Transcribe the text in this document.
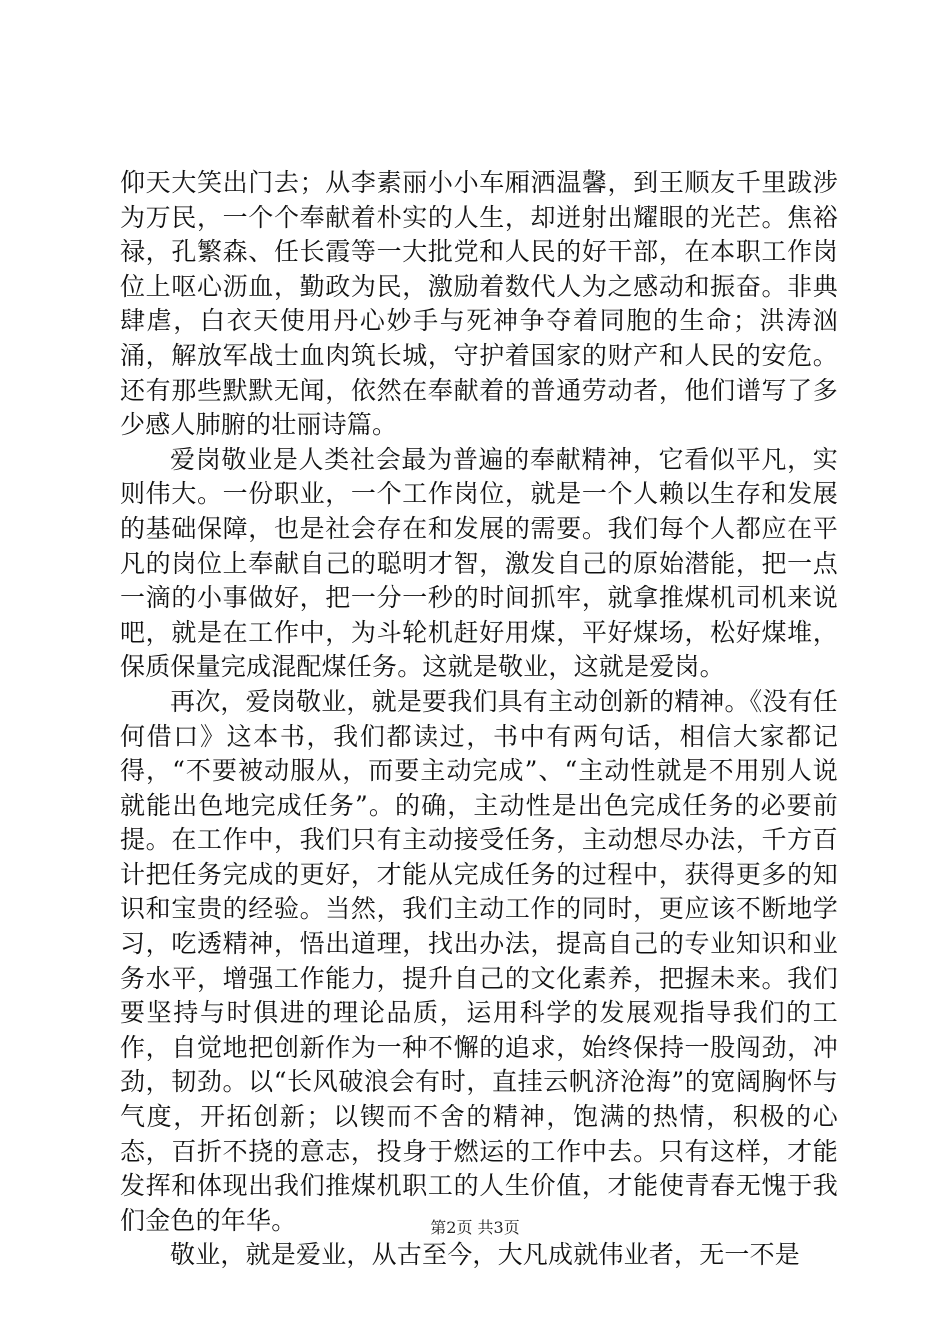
仰天大笑出门去；从李素丽小小车厢洒温馨，到王顺友千里跋涉为万民，一个个奉献着朴实的人生，却迸射出耀眼的光芒。焦裕禄，孔繁森、任长霞等一大批党和人民的好干部，在本职工作岗位上呕心沥血，勤政为民，激励着数代人为之感动和振奋。非典肆虐，白衣天使用丹心妙手与死神争夺着同胞的生命；洪涛汹涌，解放军战士血肉筑长城，守护着国家的财产和人民的安危。还有那些默默无闻，依然在奉献着的普通劳动者，他们谱写了多少感人肺腑的壮丽诗篇。

爱岗敬业是人类社会最为普遍的奉献精神，它看似平凡，实则伟大。一份职业，一个工作岗位，就是一个人赖以生存和发展的基础保障，也是社会存在和发展的需要。我们每个人都应在平凡的岗位上奉献自己的聪明才智，激发自己的原始潜能，把一点一滴的小事做好，把一分一秒的时间抓牢，就拿推煤机司机来说吧，就是在工作中，为斗轮机赶好用煤，平好煤场，松好煤堆，保质保量完成混配煤任务。这就是敬业，这就是爱岗。

再次，爱岗敬业，就是要我们具有主动创新的精神。《没有任何借口》这本书，我们都读过，书中有两句话，相信大家都记得，“不要被动服从，而要主动完成”、“主动性就是不用别人说就能出色地完成任务”。的确，主动性是出色完成任务的必要前提。在工作中，我们只有主动接受任务，主动想尽办法，千方百计把任务完成的更好，才能从完成任务的过程中，获得更多的知识和宝贵的经验。当然，我们主动工作的同时，更应该不断地学习，吃透精神，悟出道理，找出办法，提高自己的专业知识和业务水平，增强工作能力，提升自己的文化素养，把握未来。我们要坚持与时俱进的理论品质，运用科学的发展观指导我们的工作，自觉地把创新作为一种不懈的追求，始终保持一股闯劲，冲劲，韧劲。以“长风破浪会有时，直挂云帆济沧海”的宽阔胸怀与气度，开拓创新；以锲而不舍的精神，饱满的热情，积极的心态，百折不挠的意志，投身于燃运的工作中去。只有这样，才能发挥和体现出我们推煤机职工的人生价值，才能使青春无愧于我们金色的年华。

敬业，就是爱业，从古至今，大凡成就伟业者，无一不是

第2页 共3页
